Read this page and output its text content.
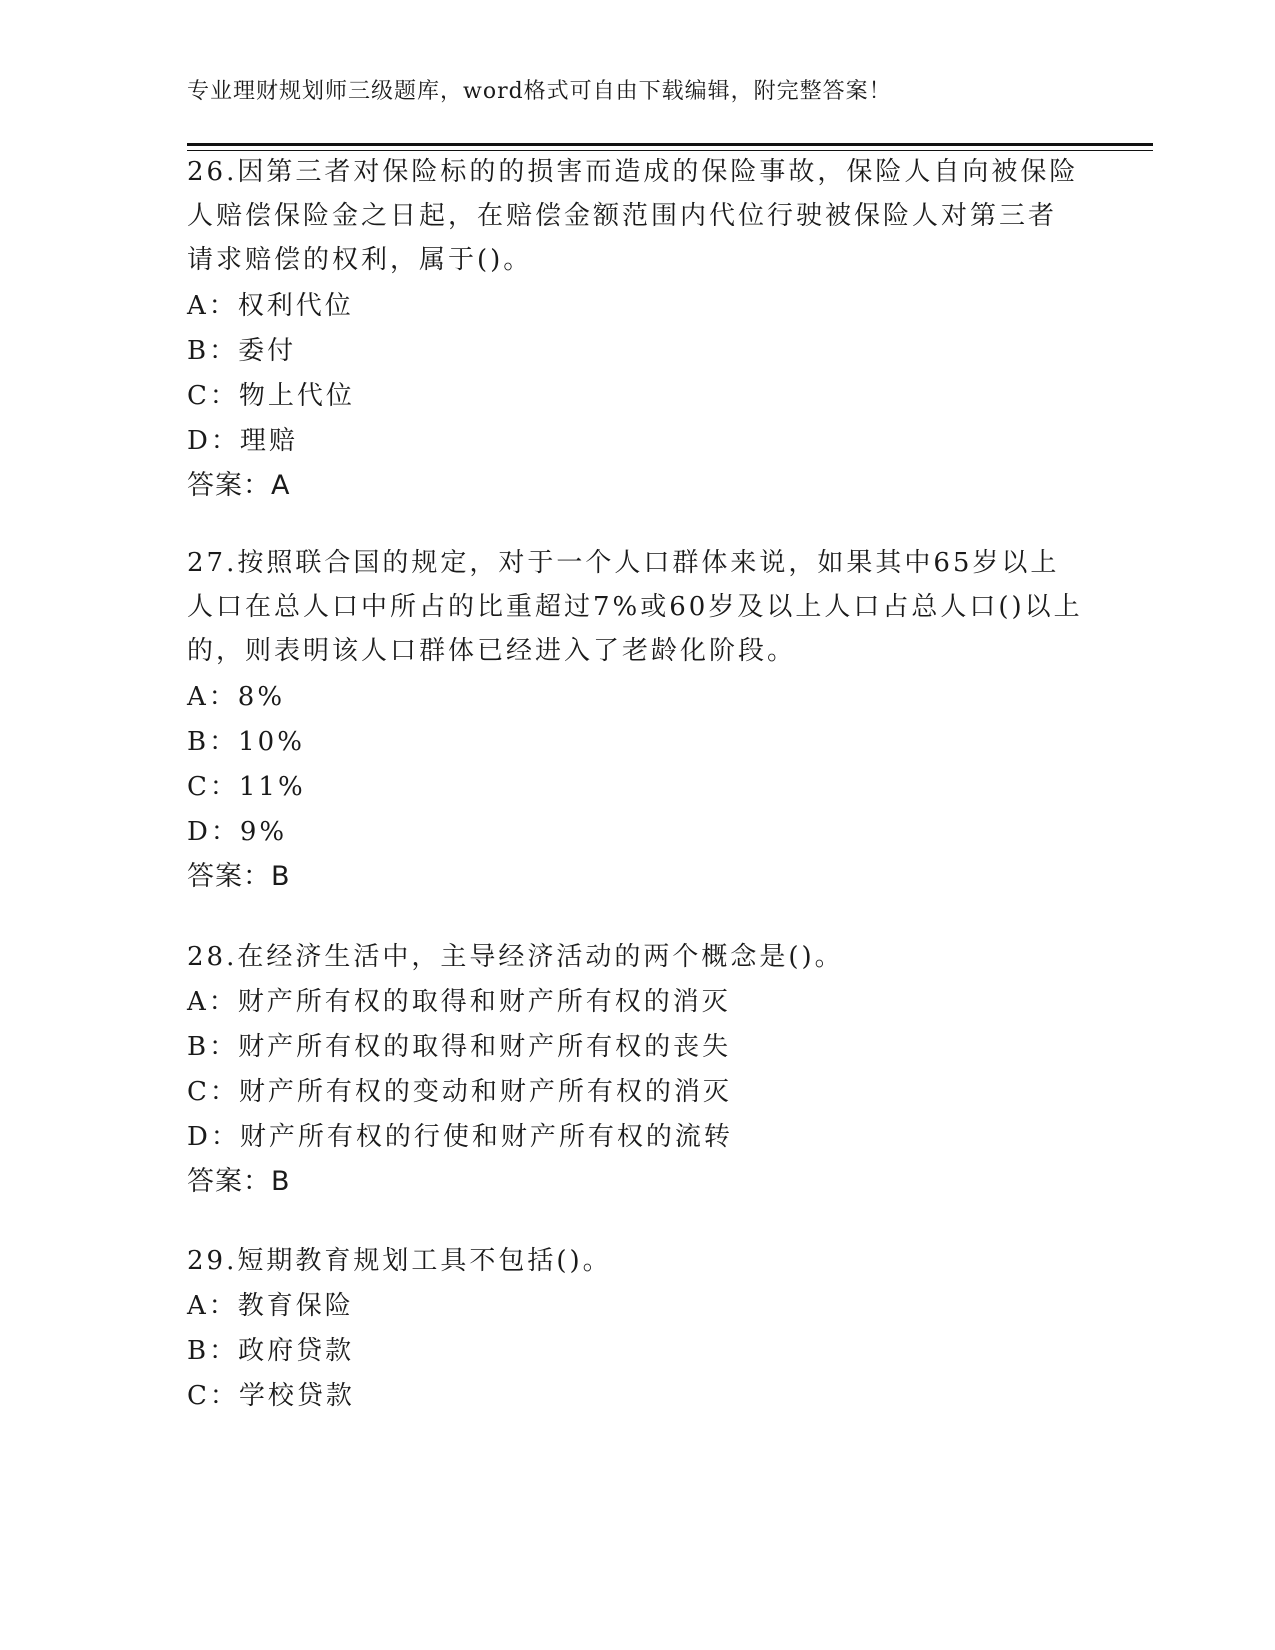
专业理财规划师三级题库，word格式可自由下载编辑，附完整答案！
26.因第三者对保险标的的损害而造成的保险事故，保险人自向被保险
人赔偿保险金之日起，在赔偿金额范围内代位行驶被保险人对第三者
请求赔偿的权利，属于()。
A：权利代位
B：委付
C：物上代位
D：理赔
答案：A
27.按照联合国的规定，对于一个人口群体来说，如果其中65岁以上
人口在总人口中所占的比重超过7%或60岁及以上人口占总人口()以上
的，则表明该人口群体已经进入了老龄化阶段。
A：8%
B：10%
C：11%
D：9%
答案：B
28.在经济生活中，主导经济活动的两个概念是()。
A：财产所有权的取得和财产所有权的消灭
B：财产所有权的取得和财产所有权的丧失
C：财产所有权的变动和财产所有权的消灭
D：财产所有权的行使和财产所有权的流转
答案：B
29.短期教育规划工具不包括()。
A：教育保险
B：政府贷款
C：学校贷款
